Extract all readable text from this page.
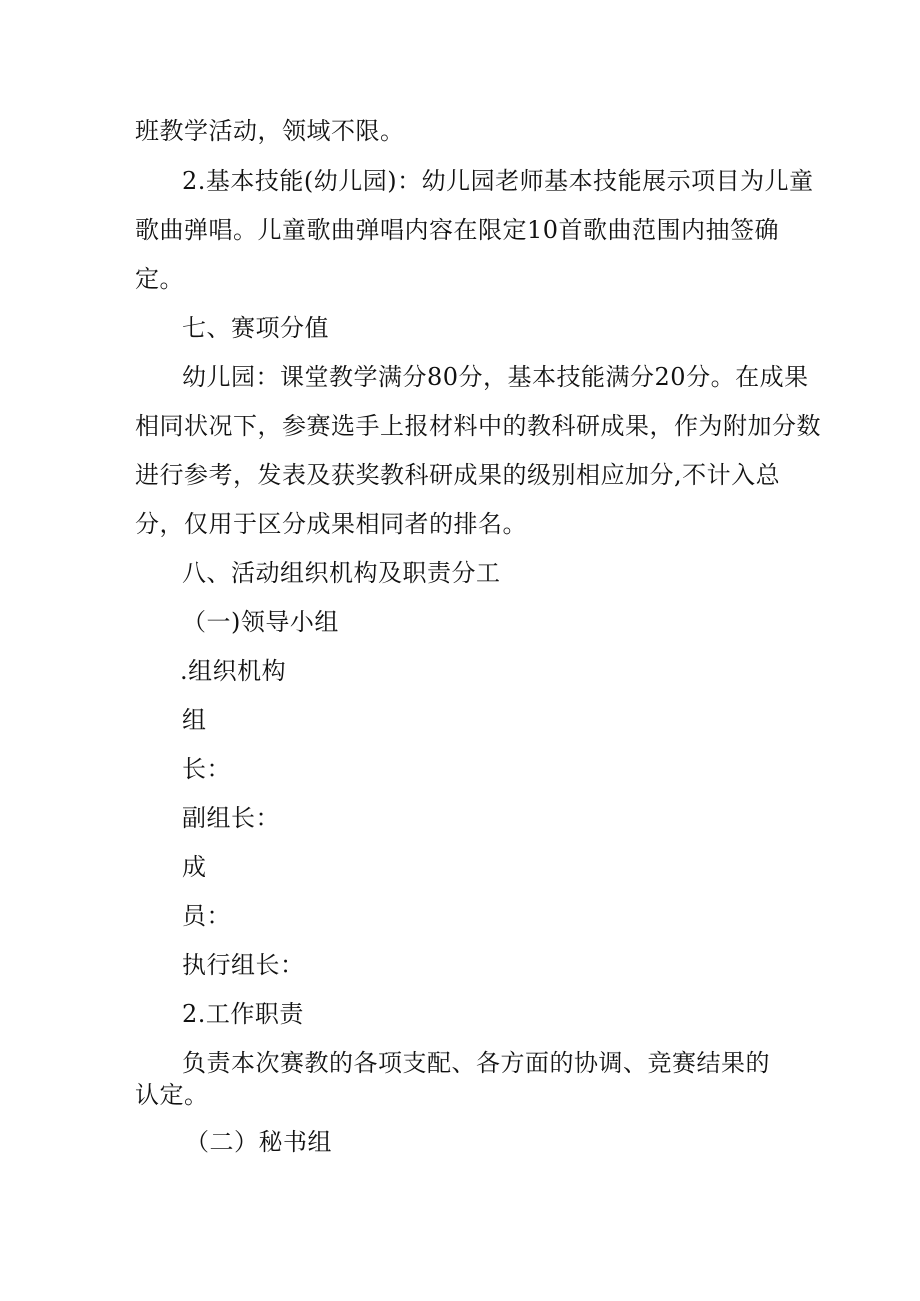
班教学活动，领域不限。
2.基本技能(幼儿园)：幼儿园老师基本技能展示项目为儿童
歌曲弹唱。儿童歌曲弹唱内容在限定10首歌曲范围内抽签确
定。
七、赛项分值
幼儿园：课堂教学满分80分，基本技能满分20分。在成果
相同状况下，参赛选手上报材料中的教科研成果，作为附加分数
进行参考，发表及获奖教科研成果的级别相应加分,不计入总
分，仅用于区分成果相同者的排名。
八、活动组织机构及职责分工
（一)领导小组
.组织机构
组
长：
副组长：
成
员：
执行组长：
2.工作职责
负责本次赛教的各项支配、各方面的协调、竞赛结果的
认定。
（二）秘书组
